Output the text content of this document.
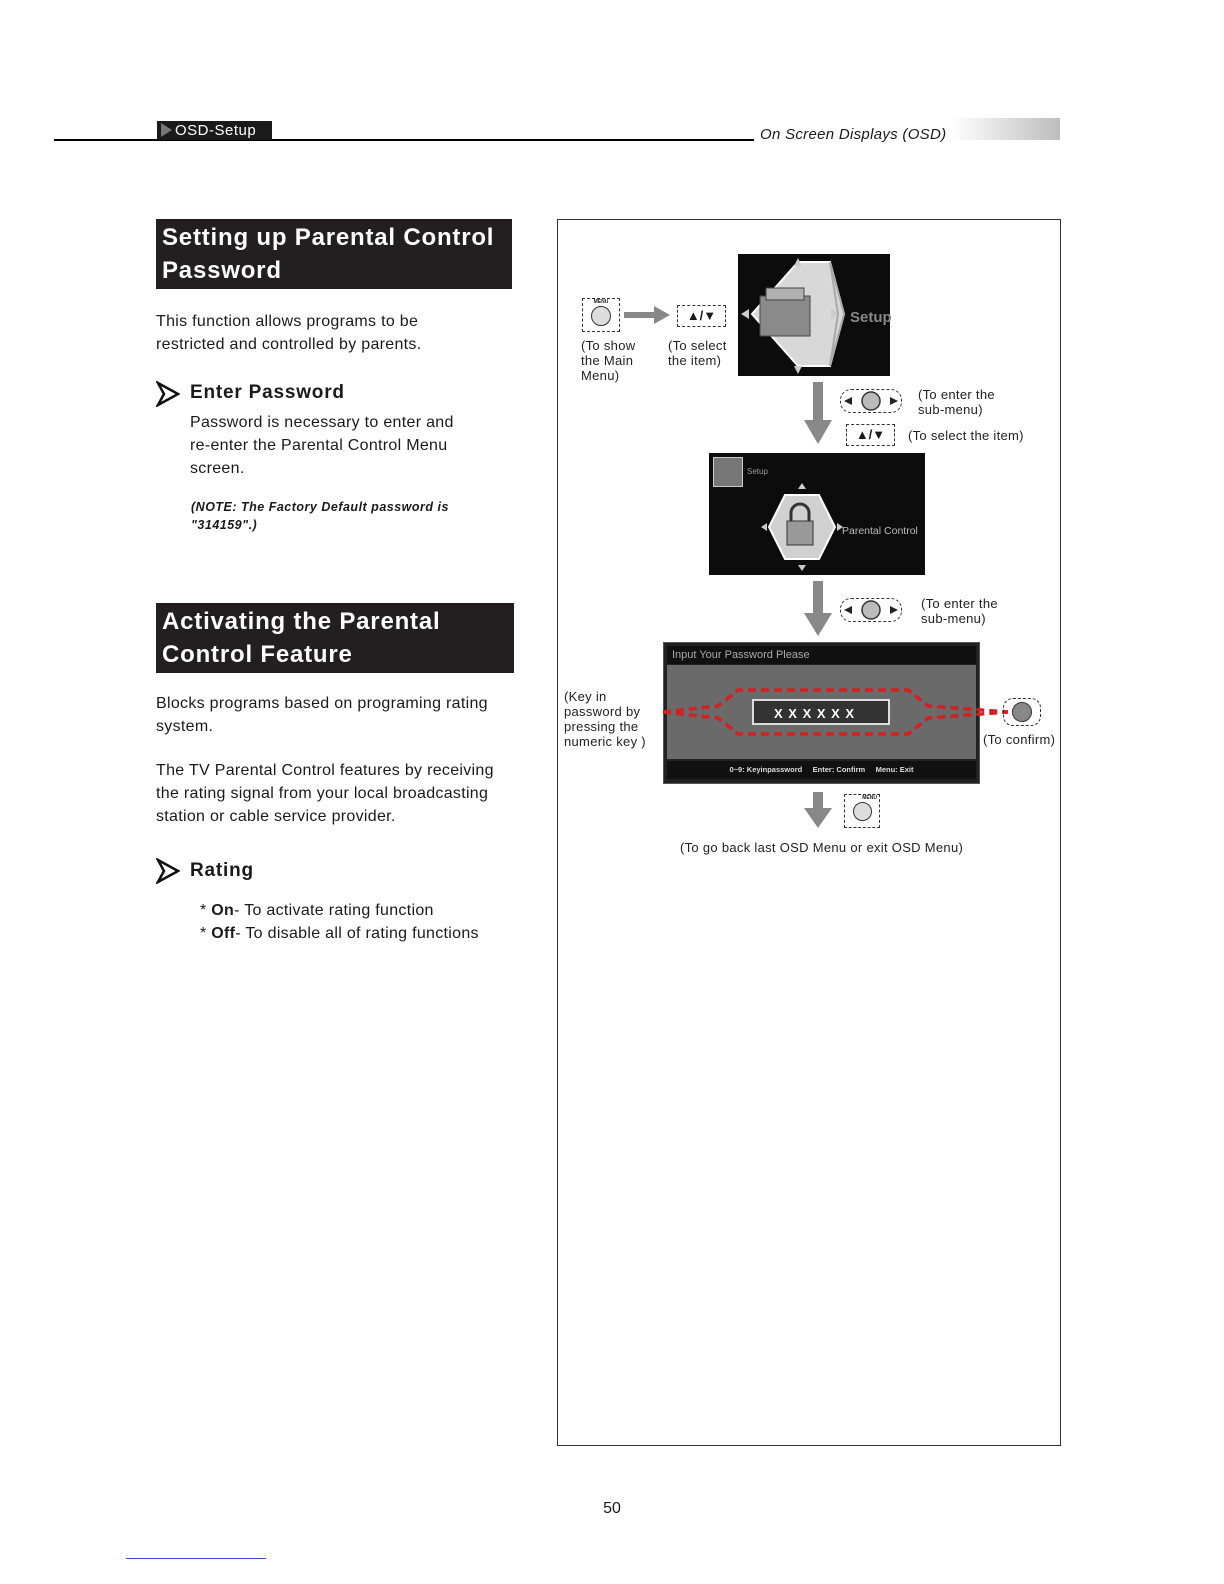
OSD-Setup	On Screen Displays (OSD)
Setting up Parental Control
Password
This function allows programs to be
restricted and controlled by parents.
Enter Password
Password is necessary to enter and
re-enter the Parental Control Menu
screen.
(NOTE: The Factory Default password is
"314159".)
Activating the Parental
Control Feature
Blocks programs based on programing rating
system.
The TV Parental Control features by receiving
the rating signal from your local broadcasting
station or cable service provider.
Rating
* On- To activate rating function
* Off- To disable all of rating functions
MENU
▲/▼
(To show
the Main
Menu)
(To select
the item)
Setup
(To enter the
sub-menu)
▲/▼	(To select the item)
Setup
Parental Control
(To enter the
sub-menu)
Input Your Password Please
X X X X X X
0~9: Keyinpassword Enter: Confirm Menu: Exit
(Key in
password by
pressing the
numeric key )	(To confirm)
MENU
(To go back last OSD Menu or exit OSD Menu)
50
